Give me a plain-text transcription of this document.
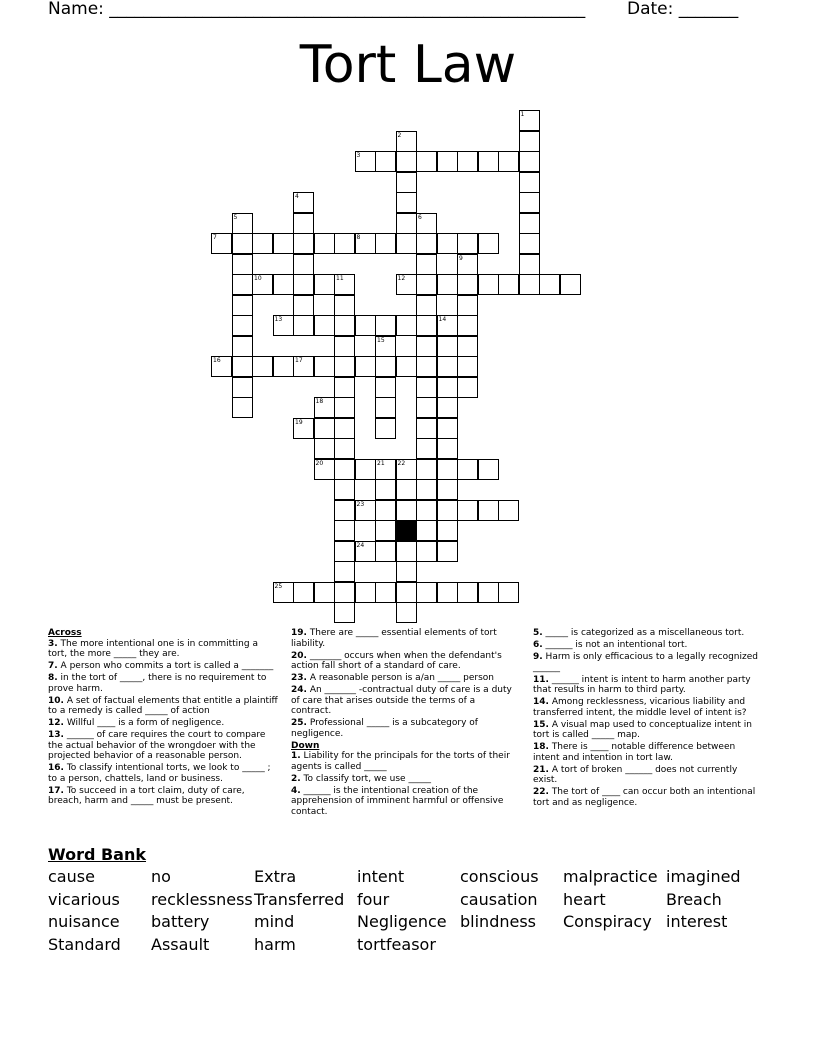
Name: ________________________________________________________ Date: _______
Tort Law
1
2
3
4
5	6
7	8
9
10	11	12
13	14
15
16	17
18
19
20	21 22
23
24
25

Across

3. The more intentional one is in committing a tort, the more _____ they are.

7. A person who commits a tort is called a _______

8. in the tort of _____, there is no requirement to prove harm.

10. A set of factual elements that entitle a plaintiff to a remedy is called _____ of action

12. Willful ____ is a form of negligence.

13. ______ of care requires the court to compare the actual behavior of the wrongdoer with the projected behavior of a reasonable person.

16. To classify intentional torts, we look to _____ ; to a person, chattels, land or business.

17. To succeed in a tort claim, duty of care, breach, harm and _____ must be present.

19. There are _____ essential elements of tort liability.

20. _______ occurs when when the defendant's action fall short of a standard of care.

23. A reasonable person is a/an _____ person

24. An _______ -contractual duty of care is a duty of care that arises outside the terms of a contract.

25. Professional _____ is a subcategory of negligence.

Down

1. Liability for the principals for the torts of their agents is called _____

2. To classify tort, we use _____

4. ______ is the intentional creation of the apprehension of imminent harmful or offensive contact.

5. _____ is categorized as a miscellaneous tort.

6. ______ is not an intentional tort.

9. Harm is only efficacious to a legally recognized ______

11. ______ intent is intent to harm another party that results in harm to third party.

14. Among recklessness, vicarious liability and transferred intent, the middle level of intent is?

15. A visual map used to conceptualize intent in tort is called _____ map.

18. There is ____ notable difference between intent and intention in tort law.

21. A tort of broken ______ does not currently exist.

22. The tort of ____ can occur both an intentional tort and as negligence.

Word Bank
cause	no	Extra	intent	conscious malpractice imagined
vicarious recklessness Transferred four	causation heart	Breach
nuisance battery	mind	Negligence blindness Conspiracy interest
Standard Assault	harm	tortfeasor
